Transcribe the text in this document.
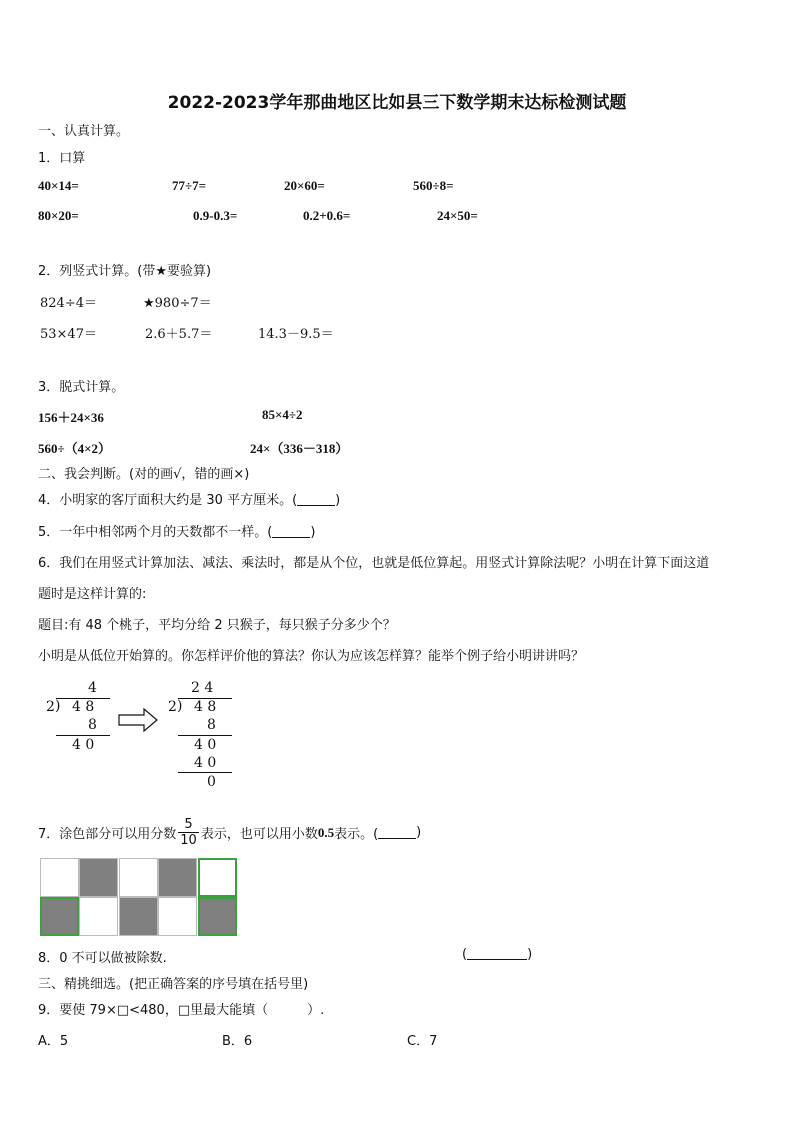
2022-2023学年那曲地区比如县三下数学期末达标检测试题
一、认真计算。
1．口算
40×14=	77÷7=	20×60=	560÷8=
80×20=	0.9-0.3=	0.2+0.6=	24×50=
2．列竖式计算。(带★要验算)
824÷4＝	★980÷7＝
53×47＝	2.6＋5.7＝	14.3－9.5＝
3．脱式计算。
156＋24×36	85×4÷2
560÷（4×2）	24×（336－318）
二、我会判断。(对的画√，错的画×)
4．小明家的客厅面积大约是 30 平方厘米。(	)
5．一年中相邻两个月的天数都不一样。(	)
6．我们在用竖式计算加法、减法、乘法时，都是从个位，也就是低位算起。用竖式计算除法呢？小明在计算下面这道
题时是这样计算的:
题目:有 48 个桃子，平均分给 2 只猴子，每只猴子分多少个？
小明是从低位开始算的。你怎样评价他的算法？你认为应该怎样算？能举个例子给小明讲讲吗？
4
2 ) 4 8
8
4 0
2 4
2 ) 4 8
8
4 0
4 0
0
7．涂色部分可以用分数 $\frac{5}{10}$ 表示，也可以用小数 0.5 表示。(	)
8．0 不可以做被除数.	(	)
三、精挑细选。(把正确答案的序号填在括号里)
9．要使 79×□<480，□里最大能填（　　　）.
A．5	B．6	C．7
